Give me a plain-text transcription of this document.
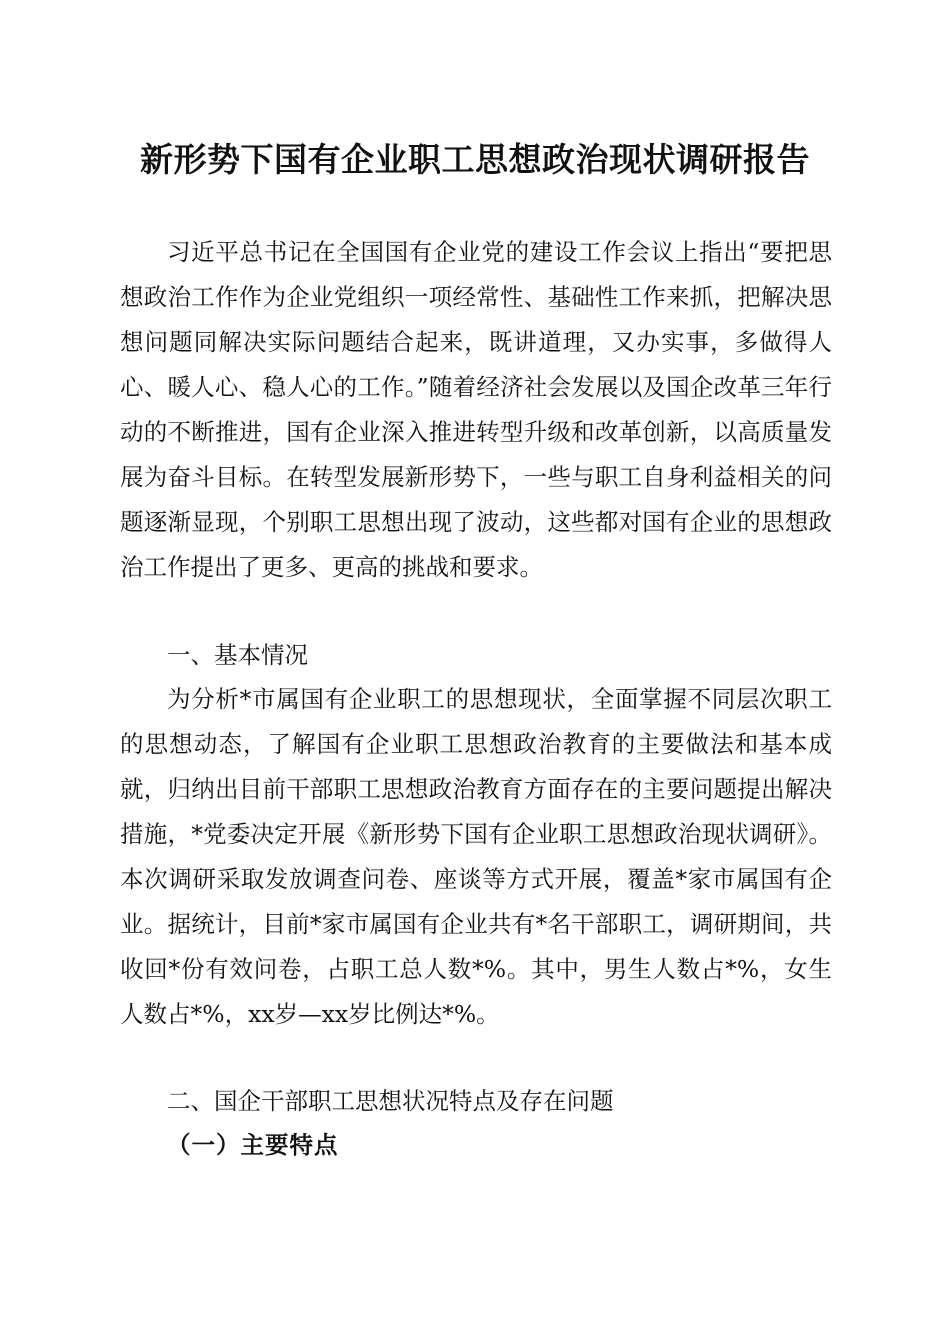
新形势下国有企业职工思想政治现状调研报告

习近平总书记在全国国有企业党的建设工作会议上指出“要把思想政治工作作为企业党组织一项经常性、基础性工作来抓，把解决思想问题同解决实际问题结合起来，既讲道理，又办实事，多做得人心、暖人心、稳人心的工作。”随着经济社会发展以及国企改革三年行动的不断推进，国有企业深入推进转型升级和改革创新，以高质量发展为奋斗目标。在转型发展新形势下，一些与职工自身利益相关的问题逐渐显现，个别职工思想出现了波动，这些都对国有企业的思想政治工作提出了更多、更高的挑战和要求。

一、基本情况

为分析*市属国有企业职工的思想现状，全面掌握不同层次职工的思想动态，了解国有企业职工思想政治教育的主要做法和基本成就，归纳出目前干部职工思想政治教育方面存在的主要问题提出解决措施，*党委决定开展《新形势下国有企业职工思想政治现状调研》。本次调研采取发放调查问卷、座谈等方式开展，覆盖*家市属国有企业。据统计，目前*家市属国有企业共有*名干部职工，调研期间，共收回*份有效问卷，占职工总人数*%。其中，男生人数占*%，女生人数占*%，xx岁—xx岁比例达*%。

二、国企干部职工思想状况特点及存在问题

（一）主要特点
